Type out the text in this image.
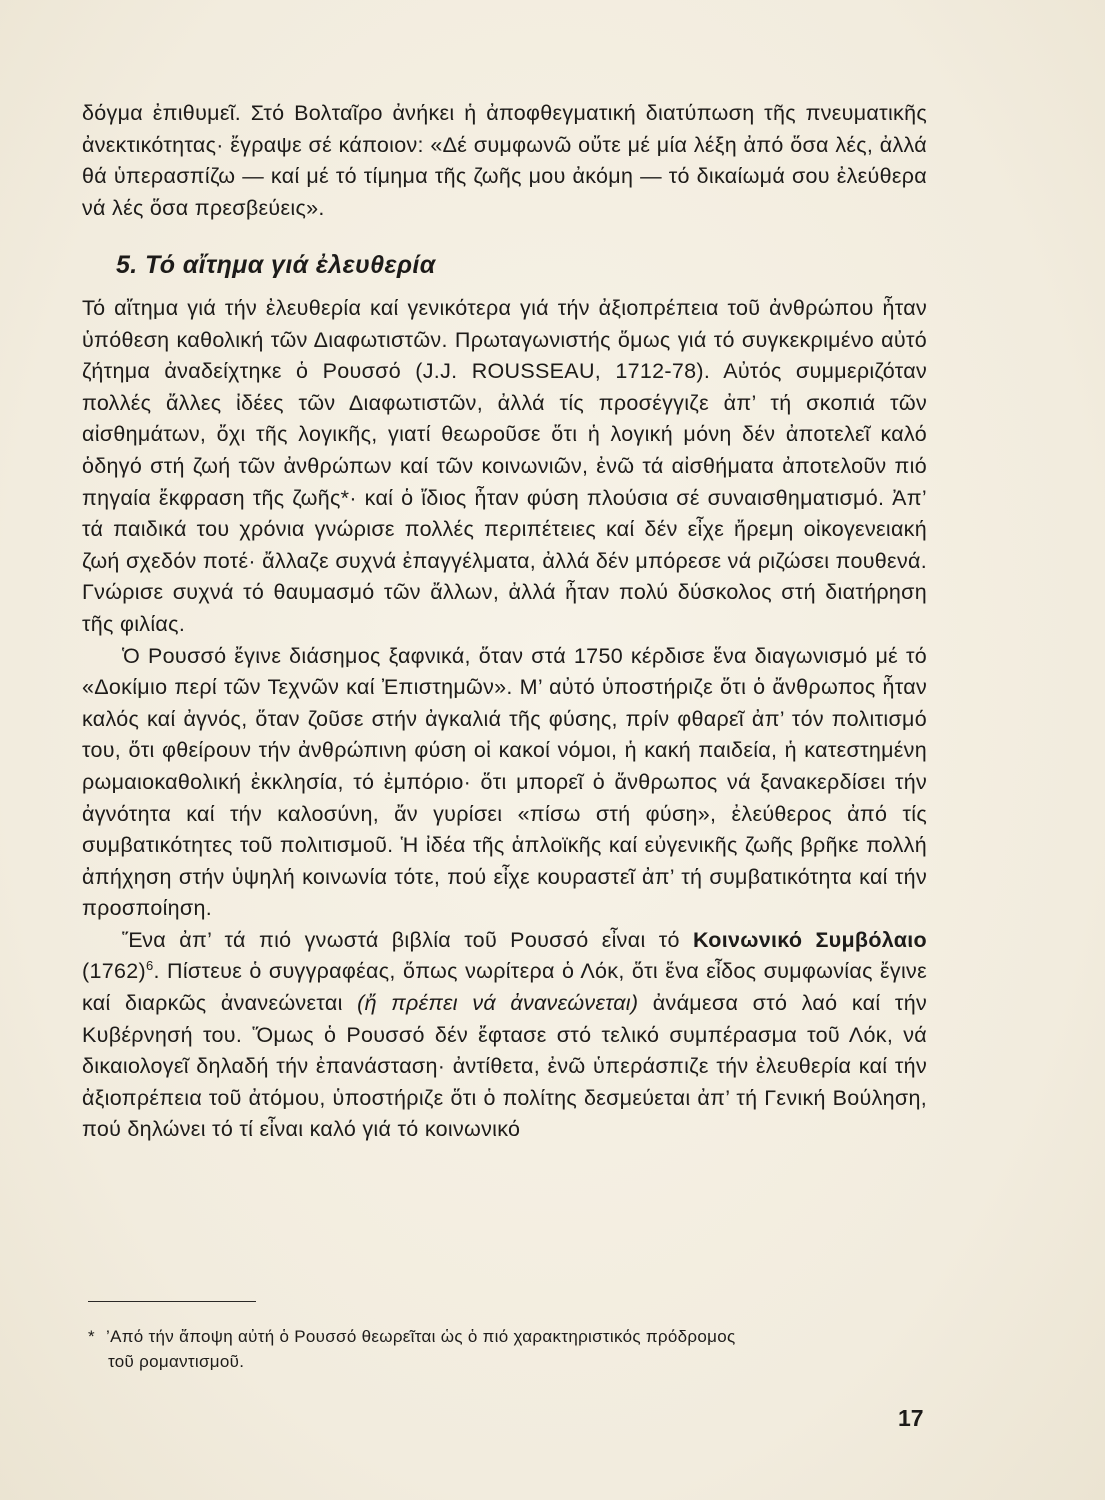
δόγμα ἐπιθυμεῖ. Στό Βολταῖρο ἀνήκει ἡ ἀποφθεγματική διατύπωση τῆς πνευματικῆς ἀνεκτικότητας· ἔγραψε σέ κάποιον: «Δέ συμφωνῶ οὔτε μέ μία λέξη ἀπό ὅσα λές, ἀλλά θά ὑπερασπίζω — καί μέ τό τίμημα τῆς ζωῆς μου ἀκόμη — τό δικαίωμά σου ἐλεύθερα νά λές ὅσα πρεσβεύεις».

5. Τό αἴτημα γιά ἐλευθερία

Τό αἴτημα γιά τήν ἐλευθερία καί γενικότερα γιά τήν ἀξιοπρέπεια τοῦ ἀνθρώπου ἦταν ὑπόθεση καθολική τῶν Διαφωτιστῶν. Πρωταγωνιστής ὅμως γιά τό συγκεκριμένο αὐτό ζήτημα ἀναδείχτηκε ὁ Ρουσσό (J.J. ROUSSEAU, 1712-78). Αὐτός συμμεριζόταν πολλές ἄλλες ἰδέες τῶν Διαφωτιστῶν, ἀλλά τίς προσέγγιζε ἀπ’ τή σκοπιά τῶν αἰσθημάτων, ὄχι τῆς λογικῆς, γιατί θεωροῦσε ὅτι ἡ λογική μόνη δέν ἀποτελεῖ καλό ὁδηγό στή ζωή τῶν ἀνθρώπων καί τῶν κοινωνιῶν, ἐνῶ τά αἰσθήματα ἀποτελοῦν πιό πηγαία ἔκφραση τῆς ζωῆς*· καί ὁ ἴδιος ἦταν φύση πλούσια σέ συναισθηματισμό. Ἀπ’ τά παιδικά του χρόνια γνώρισε πολλές περιπέτειες καί δέν εἶχε ἤρεμη οἰκογενειακή ζωή σχεδόν ποτέ· ἄλλαζε συχνά ἐπαγγέλματα, ἀλλά δέν μπόρεσε νά ριζώσει πουθενά. Γνώρισε συχνά τό θαυμασμό τῶν ἄλλων, ἀλλά ἦταν πολύ δύσκολος στή διατήρηση τῆς φιλίας.

Ὁ Ρουσσό ἔγινε διάσημος ξαφνικά, ὅταν στά 1750 κέρδισε ἕνα διαγωνισμό μέ τό «Δοκίμιο περί τῶν Τεχνῶν καί Ἐπιστημῶν». Μ’ αὐτό ὑποστήριζε ὅτι ὁ ἄνθρωπος ἦταν καλός καί ἀγνός, ὅταν ζοῦσε στήν ἀγκαλιά τῆς φύσης, πρίν φθαρεῖ ἀπ’ τόν πολιτισμό του, ὅτι φθείρουν τήν ἀνθρώπινη φύση οἱ κακοί νόμοι, ἡ κακή παιδεία, ἡ κατεστημένη ρωμαιοκαθολική ἐκκλησία, τό ἐμπόριο· ὅτι μπορεῖ ὁ ἄνθρωπος νά ξανακερδίσει τήν ἀγνότητα καί τήν καλοσύνη, ἄν γυρίσει «πίσω στή φύση», ἐλεύθερος ἀπό τίς συμβατικότητες τοῦ πολιτισμοῦ. Ἡ ἰδέα τῆς ἁπλοϊκῆς καί εὐγενικῆς ζωῆς βρῆκε πολλή ἀπήχηση στήν ὑψηλή κοινωνία τότε, πού εἶχε κουραστεῖ ἀπ’ τή συμβατικότητα καί τήν προσποίηση.

Ἕνα ἀπ’ τά πιό γνωστά βιβλία τοῦ Ρουσσό εἶναι τό Κοινωνικό Συμβόλαιο $(1762)^6$. Πίστευε ὁ συγγραφέας, ὅπως νωρίτερα ὁ Λόκ, ὅτι ἕνα εἶδος συμφωνίας ἔγινε καί διαρκῶς ἀνανεώνεται (ἤ πρέπει νά ἀνανεώνεται) ἀνάμεσα στό λαό καί τήν Κυβέρνησή του. Ὅμως ὁ Ρουσσό δέν ἔφτασε στό τελικό συμπέρασμα τοῦ Λόκ, νά δικαιολογεῖ δηλαδή τήν ἐπανάσταση· ἀντίθετα, ἐνῶ ὑπεράσπιζε τήν ἐλευθερία καί τήν ἀξιοπρέπεια τοῦ ἀτόμου, ὑποστήριζε ὅτι ὁ πολίτης δεσμεύεται ἀπ’ τή Γενική Βούληση, πού δηλώνει τό τί εἶναι καλό γιά τό κοινωνικό

* ’Από τήν ἄποψη αὐτή ὁ Ρουσσό θεωρεῖται ὡς ὁ πιό χαρακτηριστικός πρόδρομος
τοῦ ρομαντισμοῦ.

17
